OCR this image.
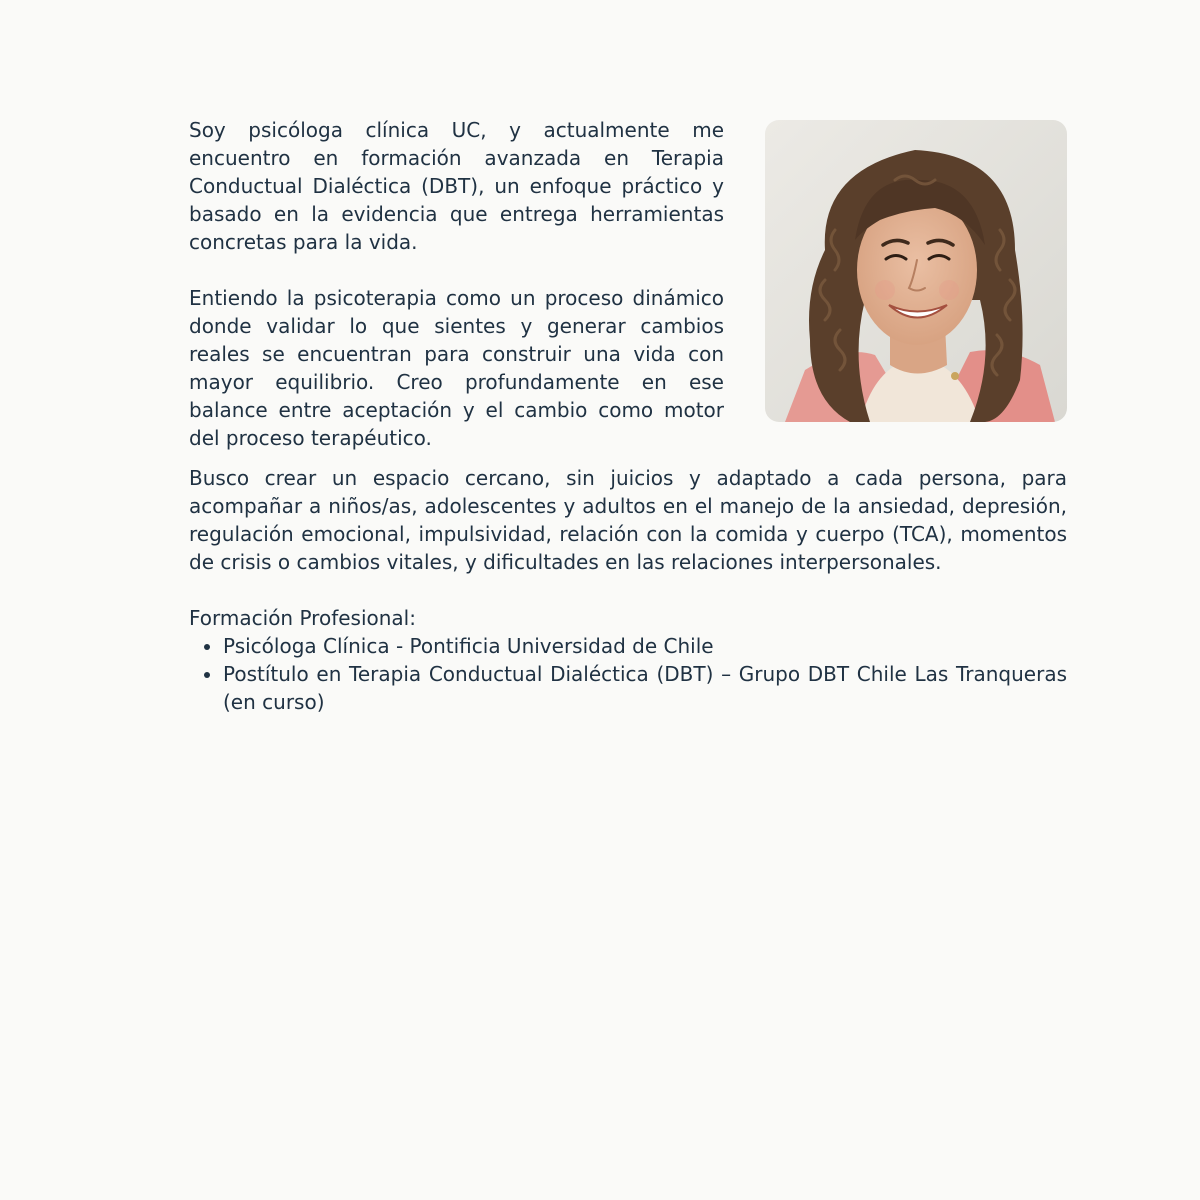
Soy psicóloga clínica UC, y actualmente me encuentro en formación avanzada en Terapia Conductual Dialéctica (DBT), un enfoque práctico y basado en la evidencia que entrega herramientas concretas para la vida.

Entiendo la psicoterapia como un proceso dinámico donde validar lo que sientes y generar cambios reales se encuentran para construir una vida con mayor equilibrio. Creo profundamente en ese balance entre aceptación y el cambio como motor del proceso terapéutico.

Busco crear un espacio cercano, sin juicios y adaptado a cada persona, para acompañar a niños/as, adolescentes y adultos en el manejo de la ansiedad, depresión, regulación emocional, impulsividad, relación con la comida y cuerpo (TCA), momentos de crisis o cambios vitales, y dificultades en las relaciones interpersonales.

Formación Profesional:

• Psicóloga Clínica - Pontificia Universidad de Chile
• Postítulo en Terapia Conductual Dialéctica (DBT) – Grupo DBT Chile Las Tranqueras (en curso)
